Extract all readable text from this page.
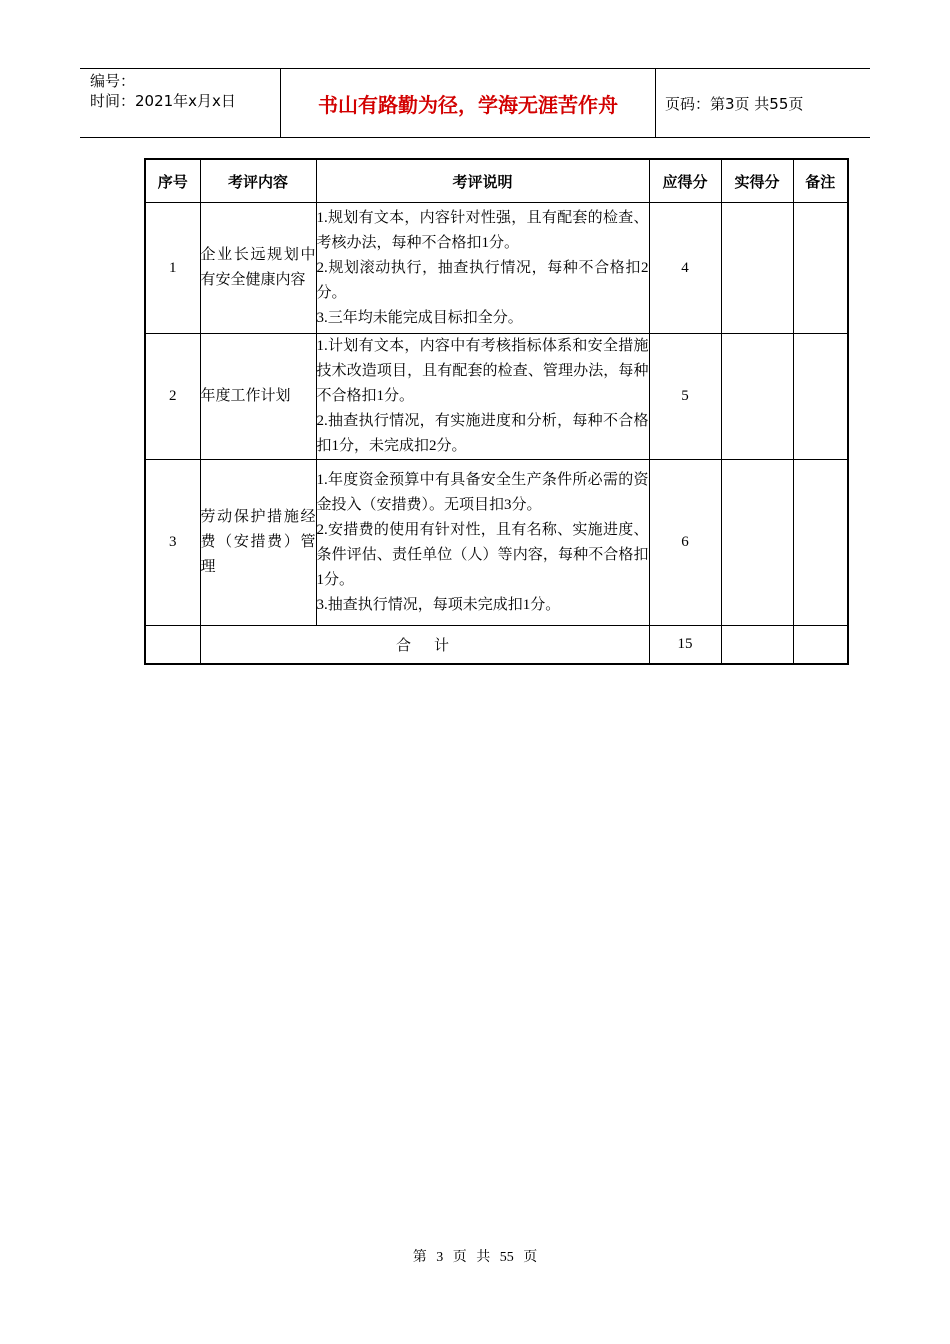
编号：
时间：2021年x月x日	书山有路勤为径，学海无涯苦作舟	页码：第3页 共55页
序号	考评内容	考评说明	应得分	实得分	备注
1	企业长远规划中有安全健康内容	1.规划有文本，内容针对性强，且有配套的检查、考核办法，每种不合格扣1分。
2.规划滚动执行，抽查执行情况，每种不合格扣2分。
3.三年均未能完成目标扣全分。	4		
2	年度工作计划	1.计划有文本，内容中有考核指标体系和安全措施技术改造项目，且有配套的检查、管理办法，每种不合格扣1分。
2.抽查执行情况，有实施进度和分析，每种不合格扣1分，未完成扣2分。	5		
3	劳动保护措施经费（安措费）管理	1.年度资金预算中有具备安全生产条件所必需的资金投入（安措费）。无项目扣3分。
2.安措费的使用有针对性，且有名称、实施进度、条件评估、责任单位（人）等内容，每种不合格扣1分。
3.抽查执行情况，每项未完成扣1分。	6		
	合　计		15		
第 3 页 共 55 页
